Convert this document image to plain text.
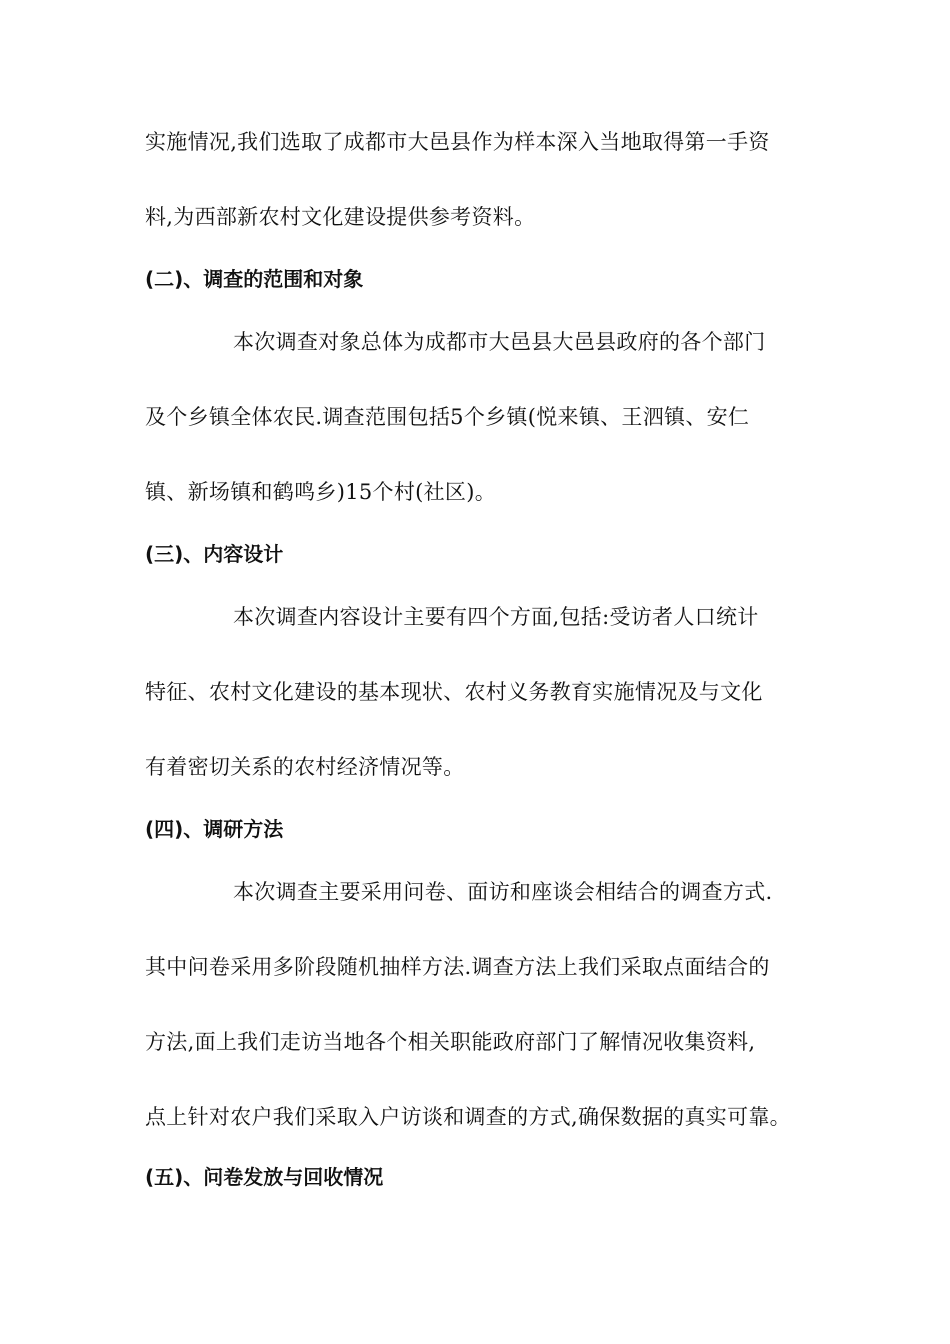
实施情况,我们选取了成都市大邑县作为样本深入当地取得第一手资
料,为西部新农村文化建设提供参考资料。
(二)、调查的范围和对象
本次调查对象总体为成都市大邑县大邑县政府的各个部门
及个乡镇全体农民.调查范围包括5个乡镇(悦来镇、王泗镇、安仁
镇、新场镇和鹤鸣乡)15个村(社区)。
(三)、内容设计
本次调查内容设计主要有四个方面,包括:受访者人口统计
特征、农村文化建设的基本现状、农村义务教育实施情况及与文化
有着密切关系的农村经济情况等。
(四)、调研方法
本次调查主要采用问卷、面访和座谈会相结合的调查方式.
其中问卷采用多阶段随机抽样方法.调查方法上我们采取点面结合的
方法,面上我们走访当地各个相关职能政府部门了解情况收集资料,
点上针对农户我们采取入户访谈和调查的方式,确保数据的真实可靠。
(五)、问卷发放与回收情况
